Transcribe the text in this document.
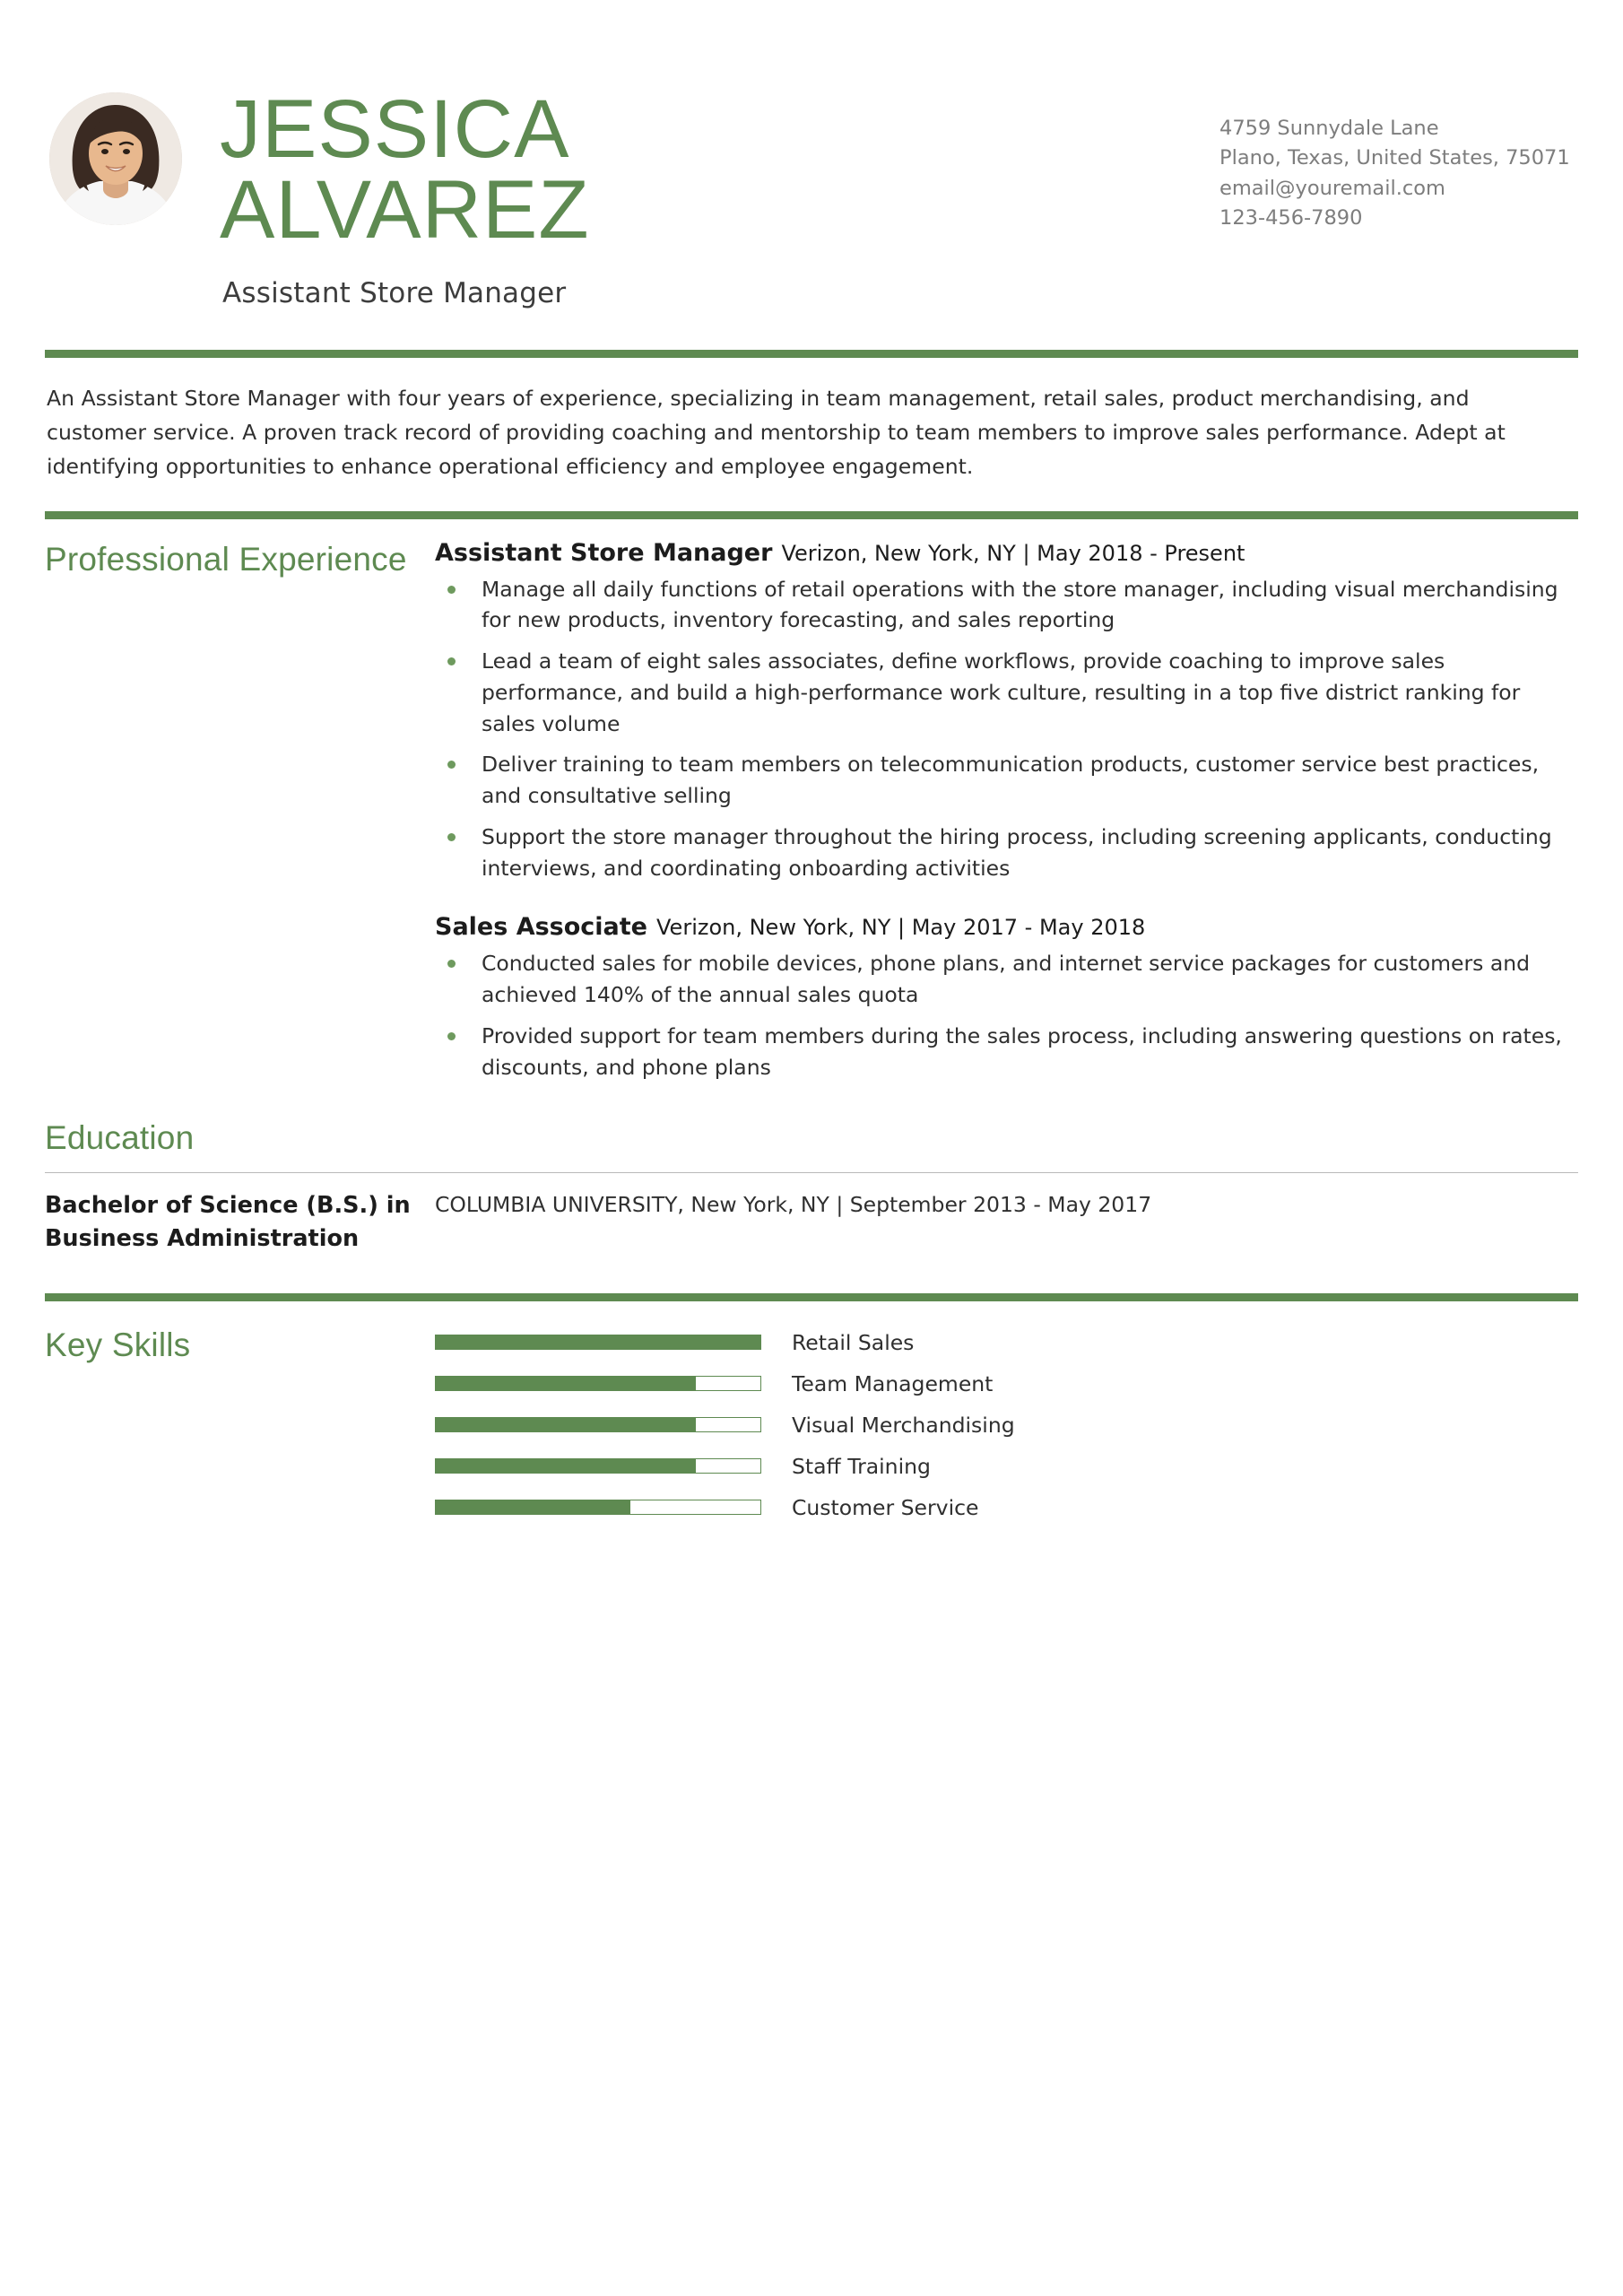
JESSICA
ALVAREZ
Assistant Store Manager
4759 Sunnydale Lane
Plano, Texas, United States, 75071
email@youremail.com
123-456-7890
An Assistant Store Manager with four years of experience, specializing in team management, retail sales, product merchandising, and customer service. A proven track record of providing coaching and mentorship to team members to improve sales performance. Adept at identifying opportunities to enhance operational efficiency and employee engagement.
Professional Experience	Assistant Store Manager Verizon, New York, NY | May 2018 - Present
Manage all daily functions of retail operations with the store manager, including visual merchandising for new products, inventory forecasting, and sales reporting
Lead a team of eight sales associates, define workflows, provide coaching to improve sales performance, and build a high-performance work culture, resulting in a top five district ranking for sales volume
Deliver training to team members on telecommunication products, customer service best practices, and consultative selling
Support the store manager throughout the hiring process, including screening applicants, conducting interviews, and coordinating onboarding activities
Sales Associate Verizon, New York, NY | May 2017 - May 2018
Conducted sales for mobile devices, phone plans, and internet service packages for customers and achieved 140% of the annual sales quota
Provided support for team members during the sales process, including answering questions on rates, discounts, and phone plans
Education
Bachelor of Science (B.S.) in Business Administration
COLUMBIA UNIVERSITY, New York, NY | September 2013 - May 2017
Key Skills	Retail Sales
Team Management
Visual Merchandising
Staff Training
Customer Service
